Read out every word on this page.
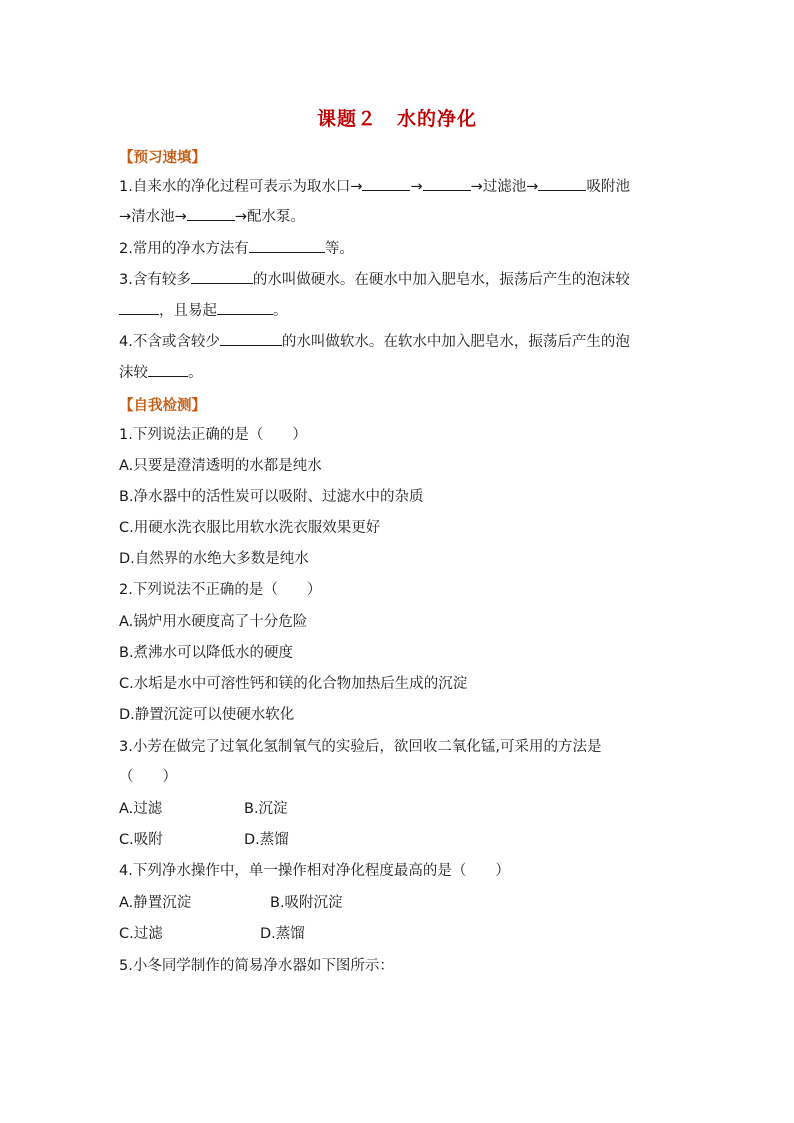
课题２　水的净化
【预习速填】
1.自来水的净化过程可表示为取水口→	→	→过滤池→	吸附池
→清水池→	→配水泵。
2.常用的净水方法有	等。
3.含有较多	的水叫做硬水。在硬水中加入肥皂水，振荡后产生的泡沫较
，且易起	。
4.不含或含较少	的水叫做软水。在软水中加入肥皂水，振荡后产生的泡
沫较	。
【自我检测】
1.下列说法正确的是（　　）
A.只要是澄清透明的水都是纯水
B.净水器中的活性炭可以吸附、过滤水中的杂质
C.用硬水洗衣服比用软水洗衣服效果更好
D.自然界的水绝大多数是纯水
2.下列说法不正确的是（　　）
A.锅炉用水硬度高了十分危险
B.煮沸水可以降低水的硬度
C.水垢是水中可溶性钙和镁的化合物加热后生成的沉淀
D.静置沉淀可以使硬水软化
3.小芳在做完了过氧化氢制氧气的实验后，欲回收二氧化锰,可采用的方法是
（　　）
A.过滤	B.沉淀
C.吸附	D.蒸馏
4.下列净水操作中，单一操作相对净化程度最高的是（　　）
A.静置沉淀	B.吸附沉淀
C.过滤	D.蒸馏
5.小冬同学制作的简易净水器如下图所示：
